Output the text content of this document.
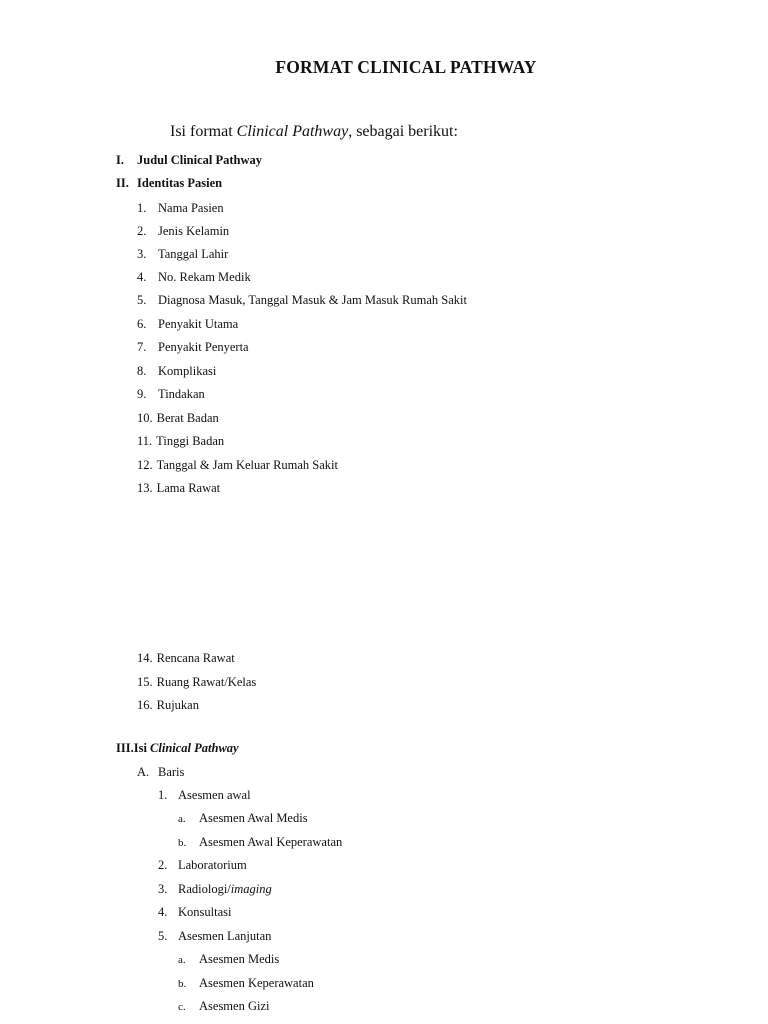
FORMAT CLINICAL PATHWAY
Isi format Clinical Pathway, sebagai berikut:
I. Judul Clinical Pathway
II. Identitas Pasien
1. Nama Pasien
2. Jenis Kelamin
3. Tanggal Lahir
4. No. Rekam Medik
5. Diagnosa Masuk, Tanggal Masuk & Jam Masuk Rumah Sakit
6. Penyakit Utama
7. Penyakit Penyerta
8. Komplikasi
9. Tindakan
10. Berat Badan
11. Tinggi Badan
12. Tanggal & Jam Keluar Rumah Sakit
13. Lama Rawat
14. Rencana Rawat
15. Ruang Rawat/Kelas
16. Rujukan
III.Isi Clinical Pathway
A. Baris
1. Asesmen awal
a. Asesmen Awal Medis
b. Asesmen Awal Keperawatan
2. Laboratorium
3. Radiologi/imaging
4. Konsultasi
5. Asesmen Lanjutan
a. Asesmen Medis
b. Asesmen Keperawatan
c. Asesmen Gizi
